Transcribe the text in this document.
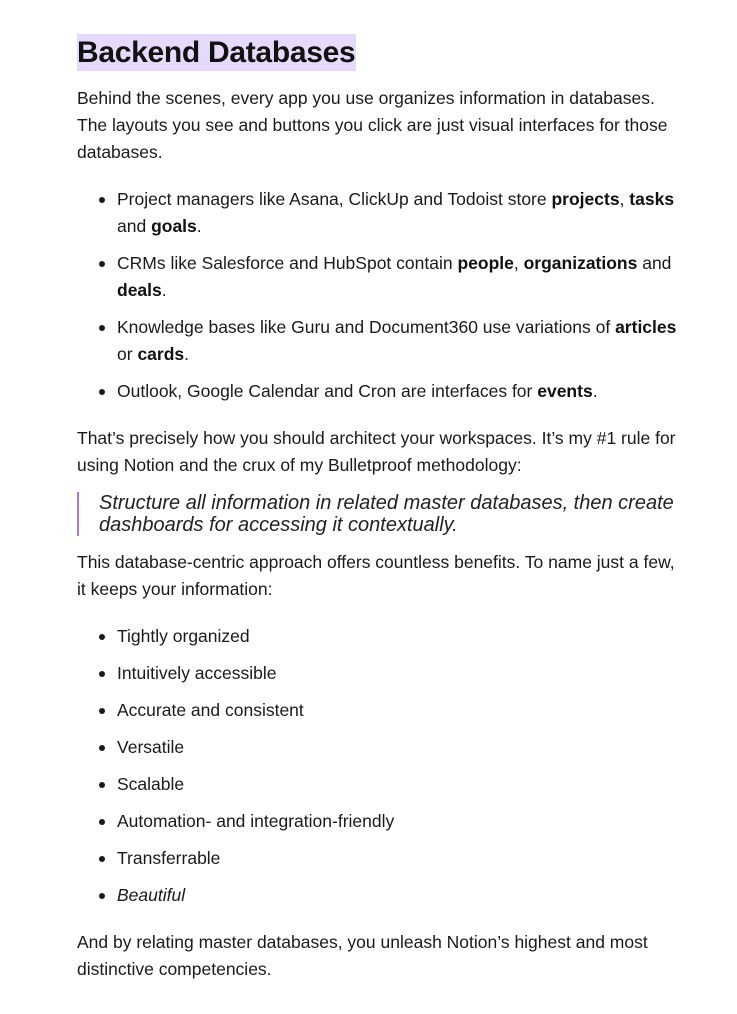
Backend Databases

Behind the scenes, every app you use organizes information in databases. The layouts you see and buttons you click are just visual interfaces for those databases.

Project managers like Asana, ClickUp and Todoist store projects, tasks and goals.
CRMs like Salesforce and HubSpot contain people, organizations and deals.
Knowledge bases like Guru and Document360 use variations of articles or cards.
Outlook, Google Calendar and Cron are interfaces for events.

That’s precisely how you should architect your workspaces. It’s my #1 rule for using Notion and the crux of my Bulletproof methodology:

Structure all information in related master databases, then create dashboards for accessing it contextually.

This database-centric approach offers countless benefits. To name just a few, it keeps your information:

Tightly organized
Intuitively accessible
Accurate and consistent
Versatile
Scalable
Automation- and integration-friendly
Transferrable
Beautiful

And by relating master databases, you unleash Notion’s highest and most distinctive competencies.
